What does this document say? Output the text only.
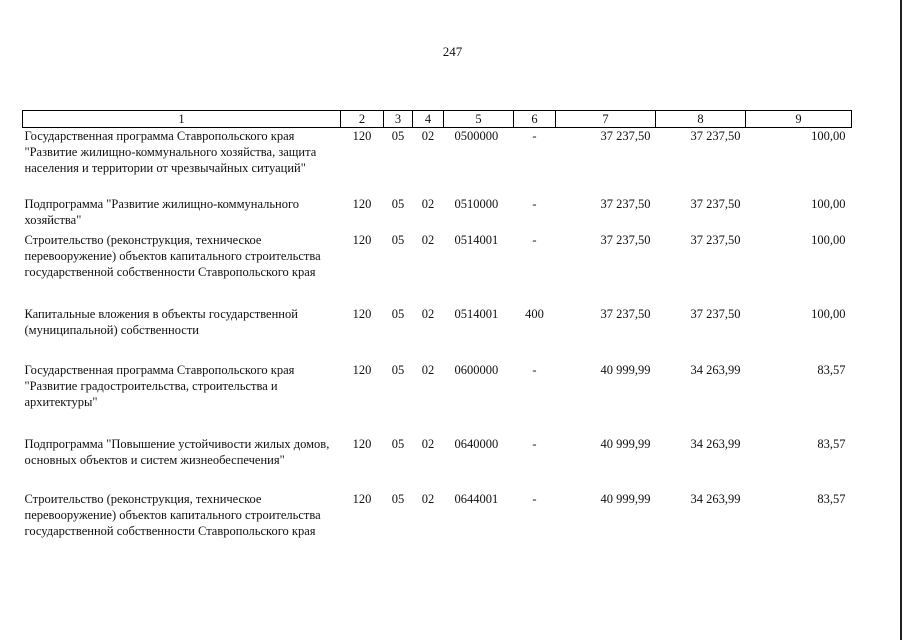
247
1	2	3	4	5	6	7	8	9
Государственная программа Ставропольского края "Развитие жилищно-коммунального хозяйства, защита населения и территории от чрезвычайных ситуаций"	120	05	02	0500000	-	37 237,50	37 237,50	100,00
Подпрограмма "Развитие жилищно-коммунального хозяйства"	120	05	02	0510000	-	37 237,50	37 237,50	100,00
Строительство (реконструкция, техническое перевооружение) объектов капитального строительства государственной собственности Ставропольского края	120	05	02	0514001	-	37 237,50	37 237,50	100,00
Капитальные вложения в объекты государственной (муниципальной) собственности	120	05	02	0514001	400	37 237,50	37 237,50	100,00
Государственная программа Ставропольского края "Развитие градостроительства, строительства и архитектуры"	120	05	02	0600000	-	40 999,99	34 263,99	83,57
Подпрограмма "Повышение устойчивости жилых домов, основных объектов и систем жизнеобеспечения"	120	05	02	0640000	-	40 999,99	34 263,99	83,57
Строительство (реконструкция, техническое перевооружение) объектов капитального строительства государственной собственности Ставропольского края	120	05	02	0644001	-	40 999,99	34 263,99	83,57
